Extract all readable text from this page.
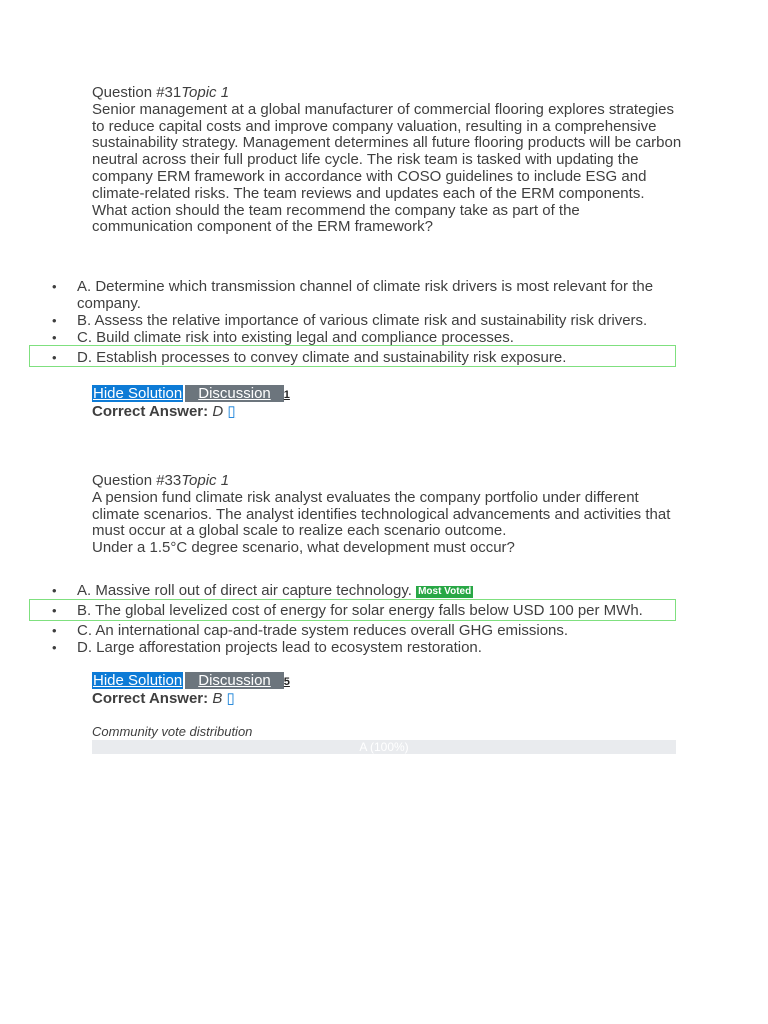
Question #31Topic 1

Senior management at a global manufacturer of commercial flooring explores strategies to reduce capital costs and improve company valuation, resulting in a comprehensive sustainability strategy. Management determines all future flooring products will be carbon neutral across their full product life cycle. The risk team is tasked with updating the company ERM framework in accordance with COSO guidelines to include ESG and climate-related risks. The team reviews and updates each of the ERM components.

What action should the team recommend the company take as part of the communication component of the ERM framework?

• A. Determine which transmission channel of climate risk drivers is most relevant for the company.
• B. Assess the relative importance of various climate risk and sustainability risk drivers.
• C. Build climate risk into existing legal and compliance processes.
• D. Establish processes to convey climate and sustainability risk exposure.
Hide Solution Discussion 1
Correct Answer: D ▯

Question #33Topic 1

A pension fund climate risk analyst evaluates the company portfolio under different climate scenarios. The analyst identifies technological advancements and activities that must occur at a global scale to realize each scenario outcome.

Under a 1.5°C degree scenario, what development must occur?

• A. Massive roll out of direct air capture technology. Most Voted
• B. The global levelized cost of energy for solar energy falls below USD 100 per MWh.
• C. An international cap-and-trade system reduces overall GHG emissions.
• D. Large afforestation projects lead to ecosystem restoration.
Hide Solution Discussion 5
Correct Answer: B ▯
Community vote distribution
A (100%)
